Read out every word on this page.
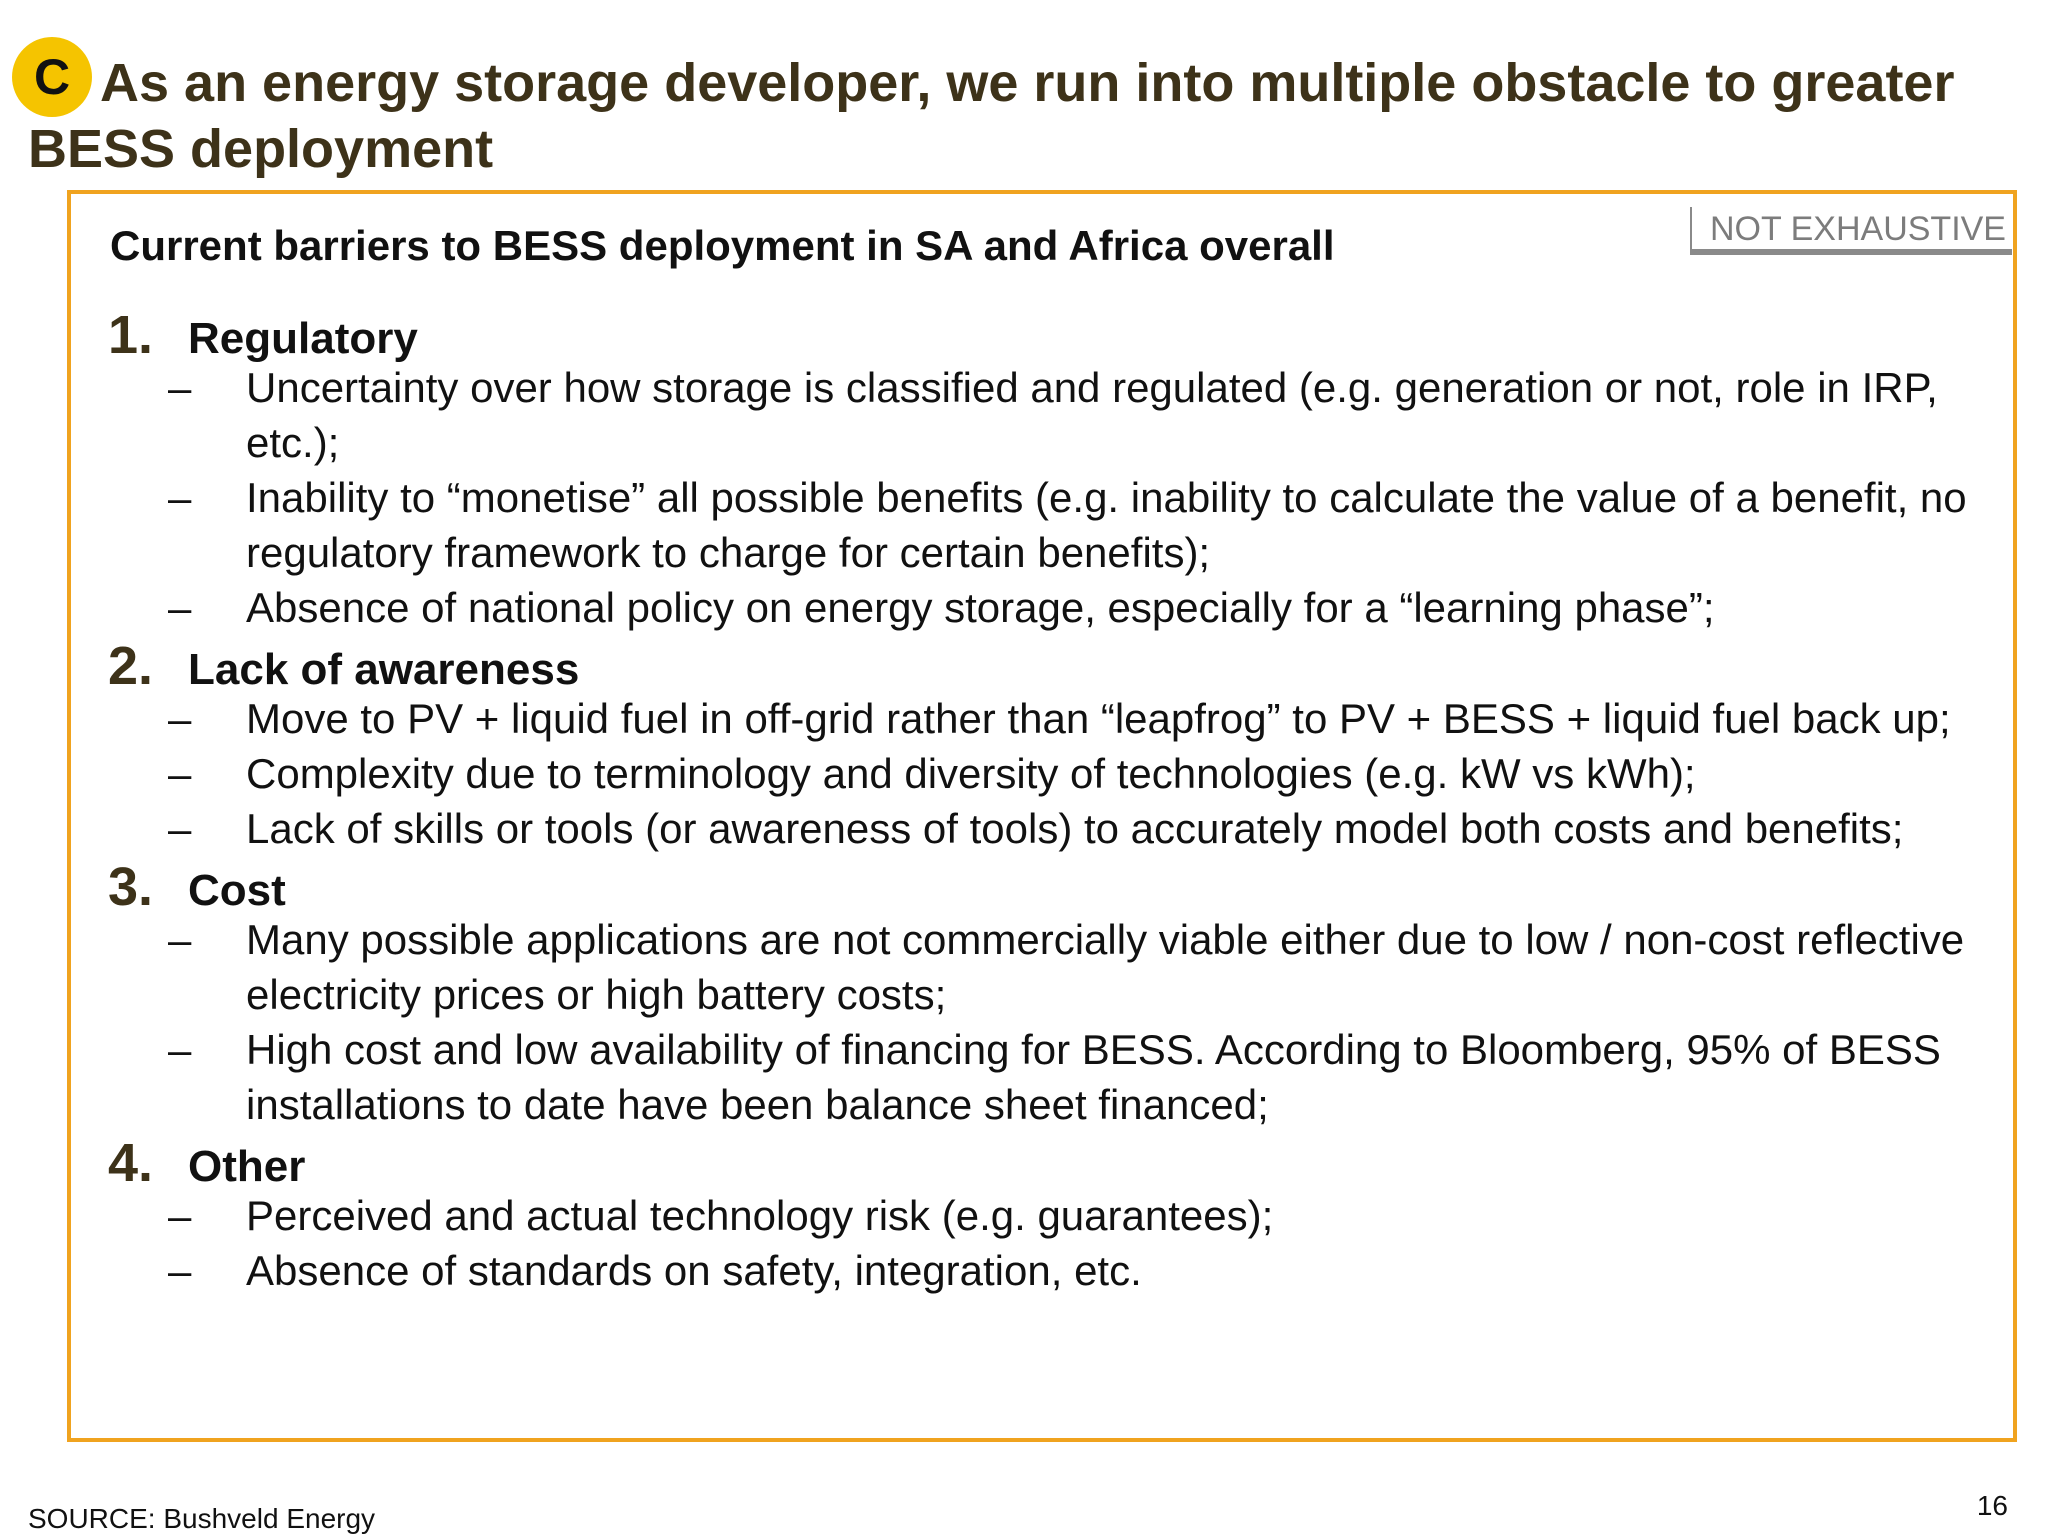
C As an energy storage developer, we run into multiple obstacle to greater BESS deployment
NOT EXHAUSTIVE
Current barriers to BESS deployment in SA and Africa overall
1. Regulatory
– Uncertainty over how storage is classified and regulated (e.g. generation or not, role in IRP, etc.);
– Inability to “monetise” all possible benefits (e.g. inability to calculate the value of a benefit, no regulatory framework to charge for certain benefits);
– Absence of national policy on energy storage, especially for a “learning phase”;
2. Lack of awareness
– Move to PV + liquid fuel in off-grid rather than “leapfrog” to PV + BESS + liquid fuel back up;
– Complexity due to terminology and diversity of technologies (e.g. kW vs kWh);
– Lack of skills or tools (or awareness of tools) to accurately model both costs and benefits;
3. Cost
– Many possible applications are not commercially viable either due to low / non-cost reflective electricity prices or high battery costs;
– High cost and low availability of financing for BESS. According to Bloomberg, 95% of BESS installations to date have been balance sheet financed;
4. Other
– Perceived and actual technology risk (e.g. guarantees);
– Absence of standards on safety, integration, etc.
SOURCE: Bushveld Energy	16
